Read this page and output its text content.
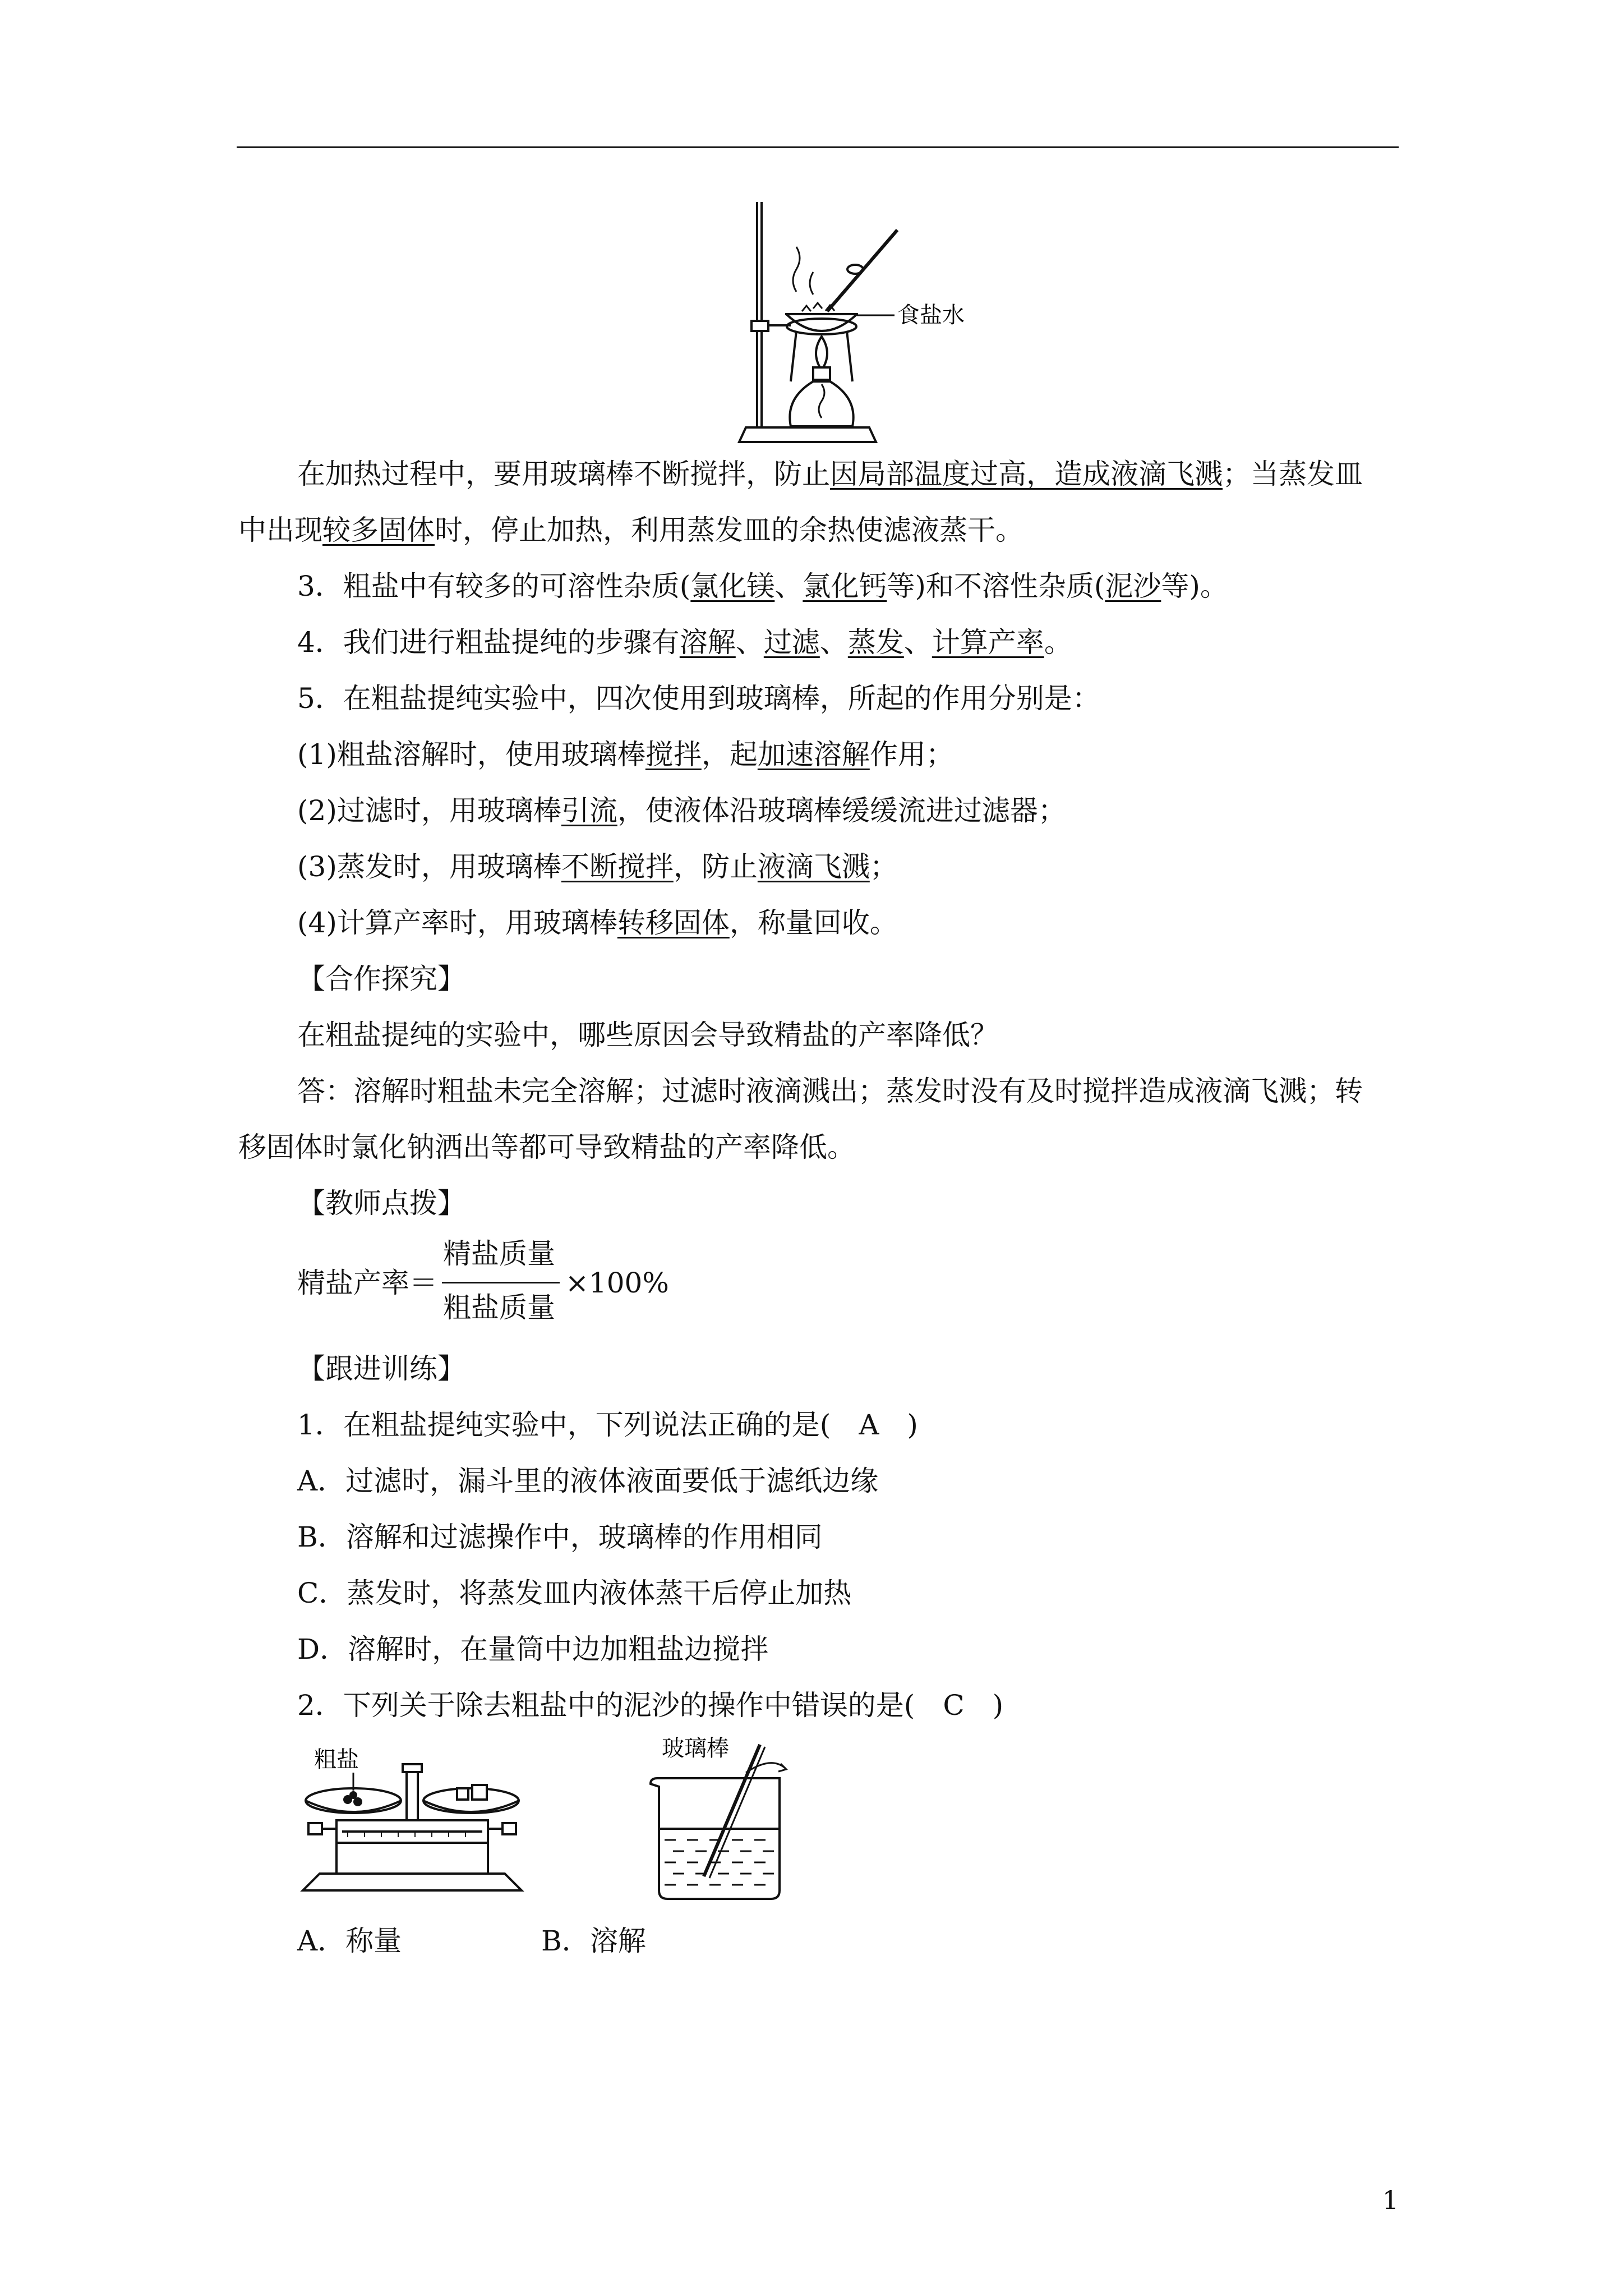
食盐水
在加热过程中，要用玻璃棒不断搅拌，防止因局部温度过高，造成液滴飞溅；当蒸发皿
中出现较多固体时，停止加热，利用蒸发皿的余热使滤液蒸干。
3．粗盐中有较多的可溶性杂质(氯化镁、氯化钙等)和不溶性杂质(泥沙等)。
4．我们进行粗盐提纯的步骤有溶解、过滤、蒸发、计算产率。
5．在粗盐提纯实验中，四次使用到玻璃棒，所起的作用分别是：
(1)粗盐溶解时，使用玻璃棒搅拌，起加速溶解作用；
(2)过滤时，用玻璃棒引流，使液体沿玻璃棒缓缓流进过滤器；
(3)蒸发时，用玻璃棒不断搅拌，防止液滴飞溅；
(4)计算产率时，用玻璃棒转移固体，称量回收。
【合作探究】
在粗盐提纯的实验中，哪些原因会导致精盐的产率降低？
答：溶解时粗盐未完全溶解；过滤时液滴溅出；蒸发时没有及时搅拌造成液滴飞溅；转
移固体时氯化钠洒出等都可导致精盐的产率降低。
【教师点拨】
精盐产率＝
精盐质量
粗盐质量
×100%
【跟进训练】
1．在粗盐提纯实验中，下列说法正确的是(　A　)
A．过滤时，漏斗里的液体液面要低于滤纸边缘
B．溶解和过滤操作中，玻璃棒的作用相同
C．蒸发时，将蒸发皿内液体蒸干后停止加热
D．溶解时，在量筒中边加粗盐边搅拌
2．下列关于除去粗盐中的泥沙的操作中错误的是(　C　)
粗盐	玻璃棒
A．称量	B．溶解
1
